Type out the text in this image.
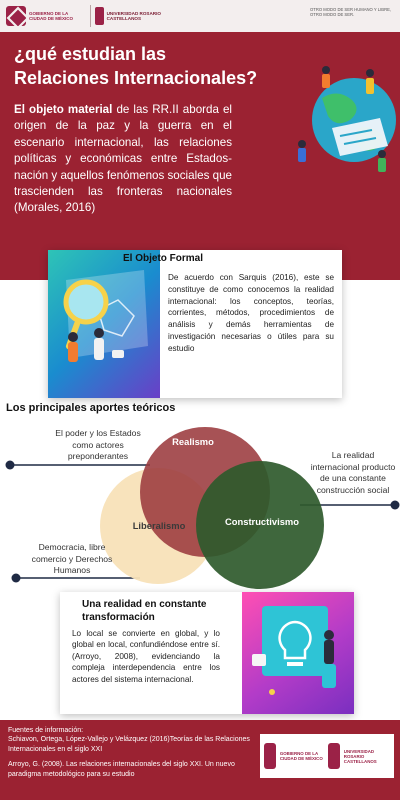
GOBIERNO DE LA CIUDAD DE MÉXICO
UNIVERSIDAD ROSARIO CASTELLANOS
OTRO MODO DE SER HUMANO Y LIBRE, OTRO MODO DE SER.
¿qué estudian las Relaciones Internacionales?
El objeto material de las RR.II aborda el origen de la paz y la guerra en el escenario internacional, las relaciones políticas y económicas entre Estados-nación y aquellos fenómenos sociales que trascienden las fronteras nacionales (Morales, 2016)
El Objeto Formal
De acuerdo con Sarquis (2016), este se constituye de como conocemos la realidad internacional: los conceptos, teorías, corrientes, métodos, procedimientos de análisis y demás herramientas de investigación necesarias o útiles para su estudio
Los principales aportes teóricos
El poder y los Estados como actores preponderantes	La realidad internacional producto de una constante construcción social
Democracia, libre comercio y Derechos Humanos
Realismo
Liberalismo	Constructivismo
Una realidad en constante transformación
Lo local se convierte en global, y lo global en local, confundiéndose entre sí. (Arroyo, 2008), evidenciando la compleja interdependencia entre los actores del sistema internacional.
Fuentes de información:

Schiavon, Ortega, López-Vallejo y Velázquez (2016)Teorías de las Relaciones Internacionales en el siglo XXI

Arroyo, G. (2008). Las relaciones internacionales del siglo XXI. Un nuevo paradigma metodológico para su estudio

GOBIERNO DE LA CIUDAD DE MÉXICO
UNIVERSIDAD ROSARIO CASTELLANOS
